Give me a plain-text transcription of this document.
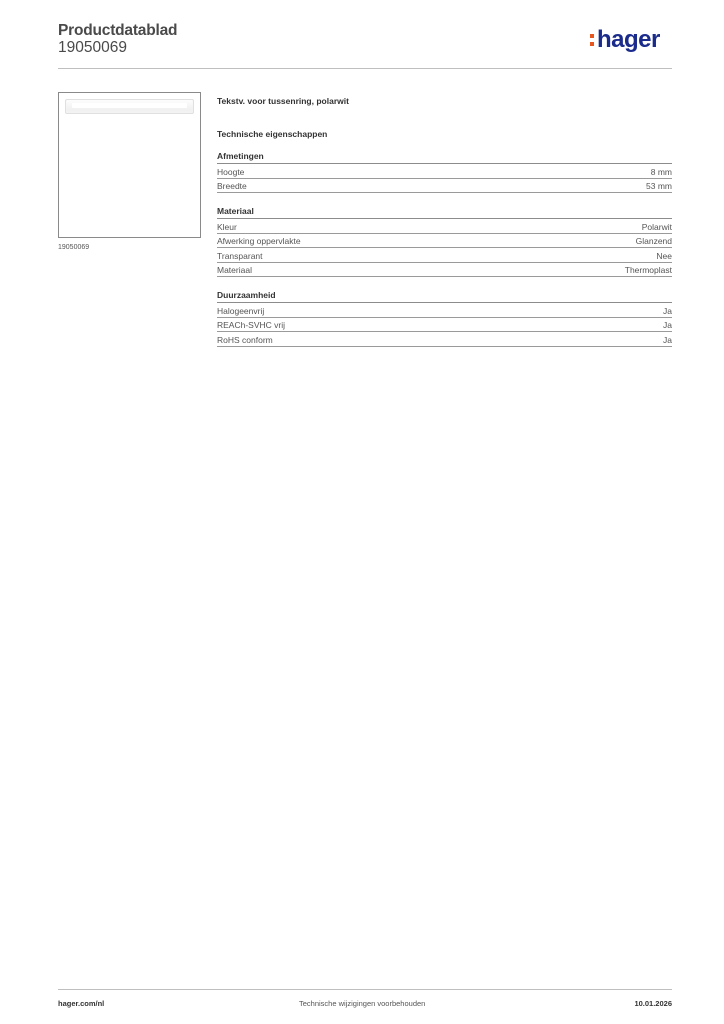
Productdatablad
19050069	hager
19050069
Tekstv. voor tussenring, polarwit
Technische eigenschappen
Afmetingen
Hoogte	8 mm
Breedte	53 mm
Materiaal
Kleur	Polarwit
Afwerking oppervlakte	Glanzend
Transparant	Nee
Materiaal	Thermoplast
Duurzaamheid
Halogeenvrij	Ja
REACh-SVHC vrij	Ja
RoHS conform	Ja
hager.com/nl	Technische wijzigingen voorbehouden	10.01.2026
